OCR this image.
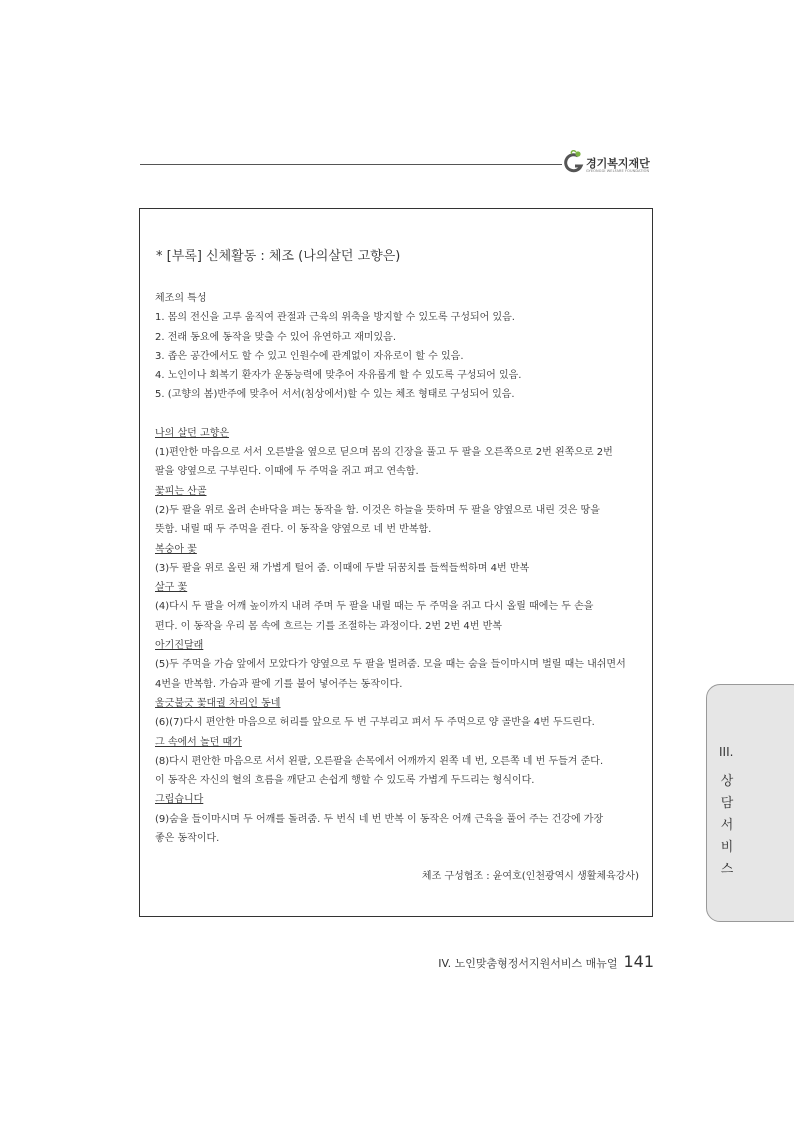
경기복지재단
GYEONGGI WELFARE FOUNDATION
* [부록] 신체활동 : 체조 (나의살던 고향은)

체조의 특성

1. 몸의 전신을 고루 움직여 관절과 근육의 위축을 방지할 수 있도록 구성되어 있음.

2. 전래 동요에 동작을 맞출 수 있어 유연하고 재미있음.

3. 좁은 공간에서도 할 수 있고 인원수에 관계없이 자유로이 할 수 있음.

4. 노인이나 회복기 환자가 운동능력에 맞추어 자유롭게 할 수 있도록 구성되어 있음.

5. (고향의 봄)반주에 맞추어 서서(침상에서)할 수 있는 체조 형태로 구성되어 있음.

나의 살던 고향은

(1)편안한 마음으로 서서 오른발을 옆으로 딛으며 몸의 긴장을 풀고 두 팔을 오른쪽으로 2번 왼쪽으로 2번

팔을 양옆으로 구부린다. 이때에 두 주먹을 쥐고 펴고 연속함.

꽃피는 산골

(2)두 팔을 위로 올려 손바닥을 펴는 동작을 함. 이것은 하늘을 뜻하며 두 팔을 양옆으로 내린 것은 땅을

뜻함. 내릴 때 두 주먹을 쥔다. 이 동작을 양옆으로 네 번 반복함.

복숭아 꽃

(3)두 팔을 위로 올린 채 가볍게 털어 줌. 이때에 두발 뒤꿈치를 들썩들썩하며 4번 반복

살구 꽃

(4)다시 두 팔을 어깨 높이까지 내려 주며 두 팔을 내릴 때는 두 주먹을 쥐고 다시 올릴 때에는 두 손을

편다. 이 동작을 우리 몸 속에 흐르는 기를 조절하는 과정이다. 2번 2번 4번 반복

아기진달래

(5)두 주먹을 가슴 앞에서 모았다가 양옆으로 두 팔을 벌려줌. 모을 때는 숨을 들이마시며 벌릴 때는 내쉬면서

4번을 반복함. 가슴과 팔에 기를 불어 넣어주는 동작이다.

울긋불긋 꽃대궐 차리인 동네

(6)(7)다시 편안한 마음으로 허리를 앞으로 두 번 구부리고 펴서 두 주먹으로 양 골반을 4번 두드린다.

그 속에서 놀던 때가

(8)다시 편안한 마음으로 서서 왼팔, 오른팔을 손목에서 어깨까지 왼쪽 네 번, 오른쪽 네 번 두들겨 준다.

이 동작은 자신의 혈의 흐름을 깨닫고 손쉽게 행할 수 있도록 가볍게 두드리는 형식이다.

그립습니다

(9)숨을 들이마시며 두 어깨를 돌려줌. 두 번식 네 번 반복 이 동작은 어깨 근육을 풀어 주는 건강에 가장

좋은 동작이다.

체조 구성협조 : 윤여호(인천광역시 생활체육강사)
III.
상
담
서
비
스
IV. 노인맞춤형정서지원서비스 매뉴얼 141
